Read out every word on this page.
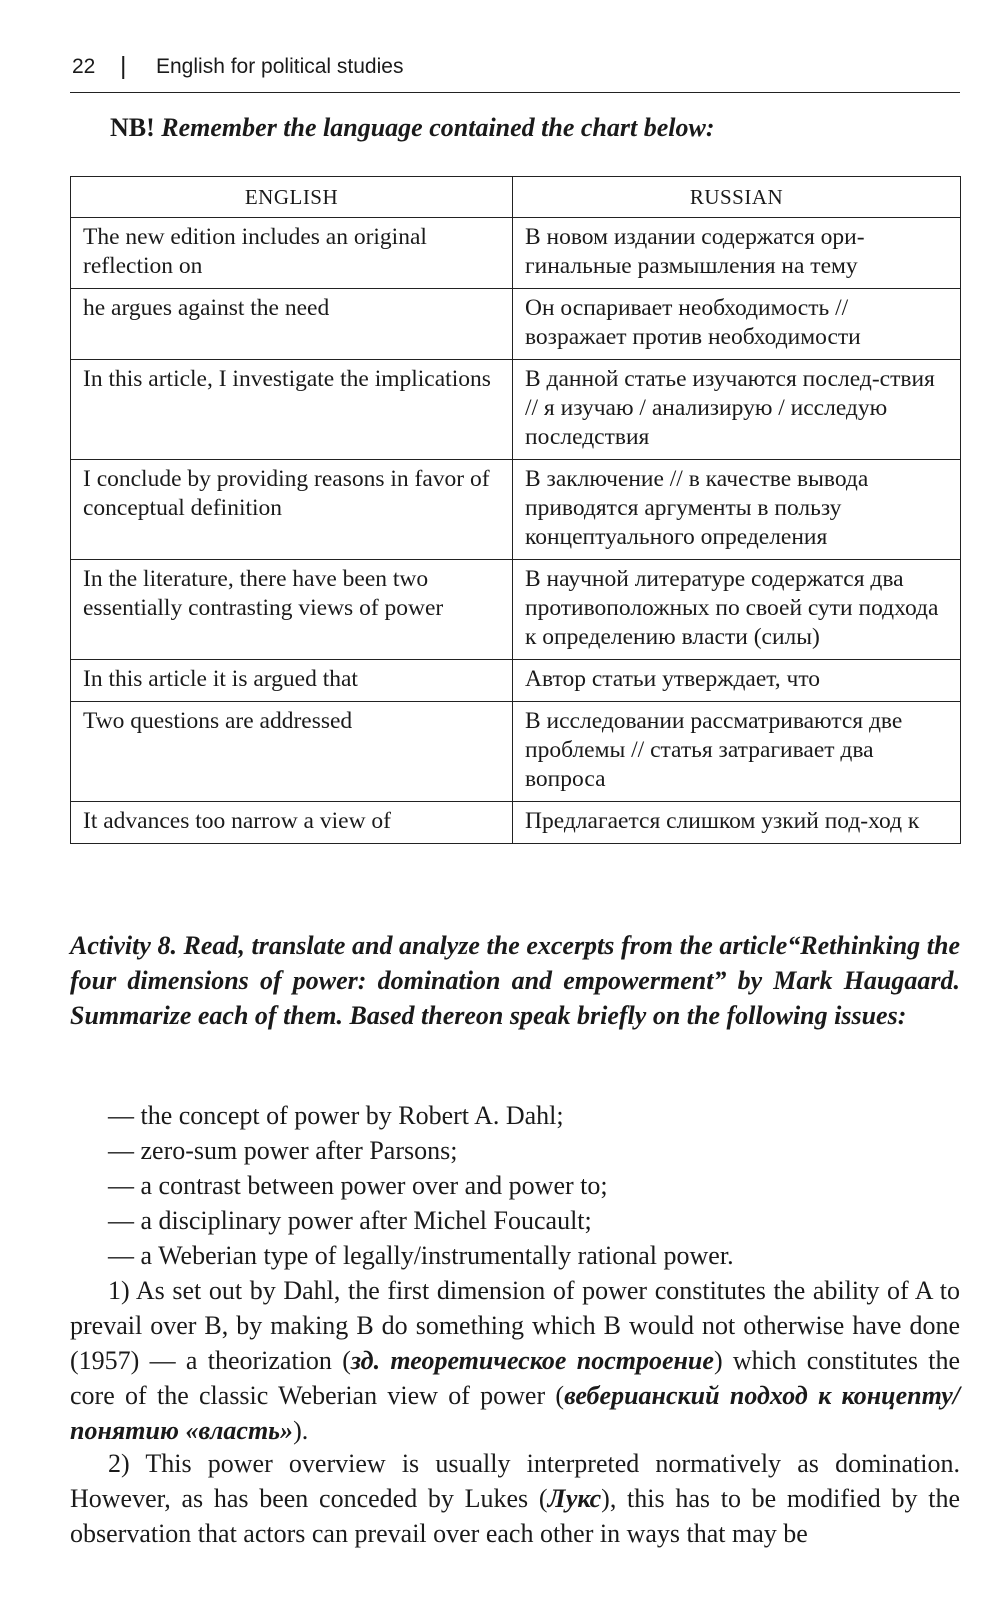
22 | English for political studies
NB! Remember the language contained the chart below:
ENGLISH	RUSSIAN
The new edition includes an original reflection on	В новом издании содержатся ори-гинальные размышления на тему
he argues against the need	Он оспаривает необходимость // возражает против необходимости
In this article, I investigate the implications	В данной статье изучаются послед-ствия // я изучаю / анализирую / исследую последствия
I conclude by providing reasons in favor of conceptual definition	В заключение // в качестве вывода приводятся аргументы в пользу концептуального определения
In the literature, there have been two essentially contrasting views of power	В научной литературе содержатся два противоположных по своей сути подхода к определению власти (силы)
In this article it is argued that	Автор статьи утверждает, что
Two questions are addressed	В исследовании рассматриваются две проблемы // статья затрагивает два вопроса
It advances too narrow a view of	Предлагается слишком узкий под-ход к
Activity 8. Read, translate and analyze the excerpts from the article“Rethinking the four dimensions of power: domination and empowerment” by Mark Haugaard. Summarize each of them. Based thereon speak briefly on the following issues:
— the concept of power by Robert A. Dahl;
— zero-sum power after Parsons;
— a contrast between power over and power to;
— a disciplinary power after Michel Foucault;
— a Weberian type of legally/instrumentally rational power.

1) As set out by Dahl, the first dimension of power constitutes the ability of A to prevail over B, by making B do something which B would not otherwise have done (1957) — a theorization (зд. теоретическое построение) which constitutes the core of the classic Weberian view of power (веберианский подход к концепту/понятию «власть»).

2) This power overview is usually interpreted normatively as domination. However, as has been conceded by Lukes (Лукс), this has to be modified by the observation that actors can prevail over each other in ways that may be
